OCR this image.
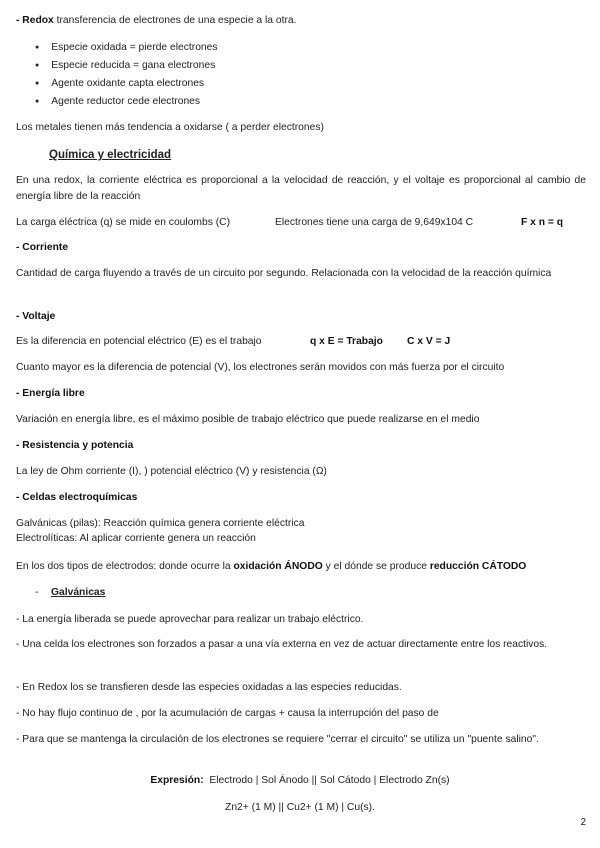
- Redox transferencia de electrones de una especie a la otra.
● Especie oxidada = pierde electrones
● Especie reducida = gana electrones
● Agente oxidante capta electrones
● Agente reductor cede electrones
Los metales tienen más tendencia a oxidarse ( a perder electrones)
Química y electricidad
En una redox, la corriente eléctrica es proporcional a la velocidad de reacción, y el voltaje es proporcional al cambio de energía libre de la reacción
La carga eléctrica (q) se mide en coulombs (C)	Electrones tiene una carga de 9,649x104 C	F x n = q
- Corriente
Cantidad de carga fluyendo a través de un circuito por segundo. Relacionada con la velocidad de la reacción química
- Voltaje
Es la diferencia en potencial eléctrico (E) es el trabajo	q x E = Trabajo C x V = J
Cuanto mayor es la diferencia de potencial (V), los electrones serán movidos con más fuerza por el circuito
- Energía libre
Variación en energía libre, es el máximo posible de trabajo eléctrico que puede realizarse en el medio
- Resistencia y potencia
La ley de Ohm corriente (I), ) potencial eléctrico (V) y resistencia (Ω)
- Celdas electroquímicas
Galvánicas (pilas): Reacción química genera corriente eléctrica
Electrolíticas: Al aplicar corriente genera un reacción
En los dos tipos de electrodos: donde ocurre la oxidación ÁNODO y el dónde se produce reducción CÁTODO
- Galvánicas
- La energía liberada se puede aprovechar para realizar un trabajo eléctrico.
- Una celda los electrones son forzados a pasar a una vía externa en vez de actuar directamente entre los reactivos.
- En Redox los se transfieren desde las especies oxidadas a las especies reducidas.
- No hay flujo continuo de , por la acumulación de cargas + causa la interrupción del paso de
- Para que se mantenga la circulación de los electrones se requiere "cerrar el circuito" se utiliza un "puente salino".
Expresión: Electrodo | Sol Ánodo || Sol Cátodo | Electrodo Zn(s)
Zn2+ (1 M) || Cu2+ (1 M) | Cu(s).
2
